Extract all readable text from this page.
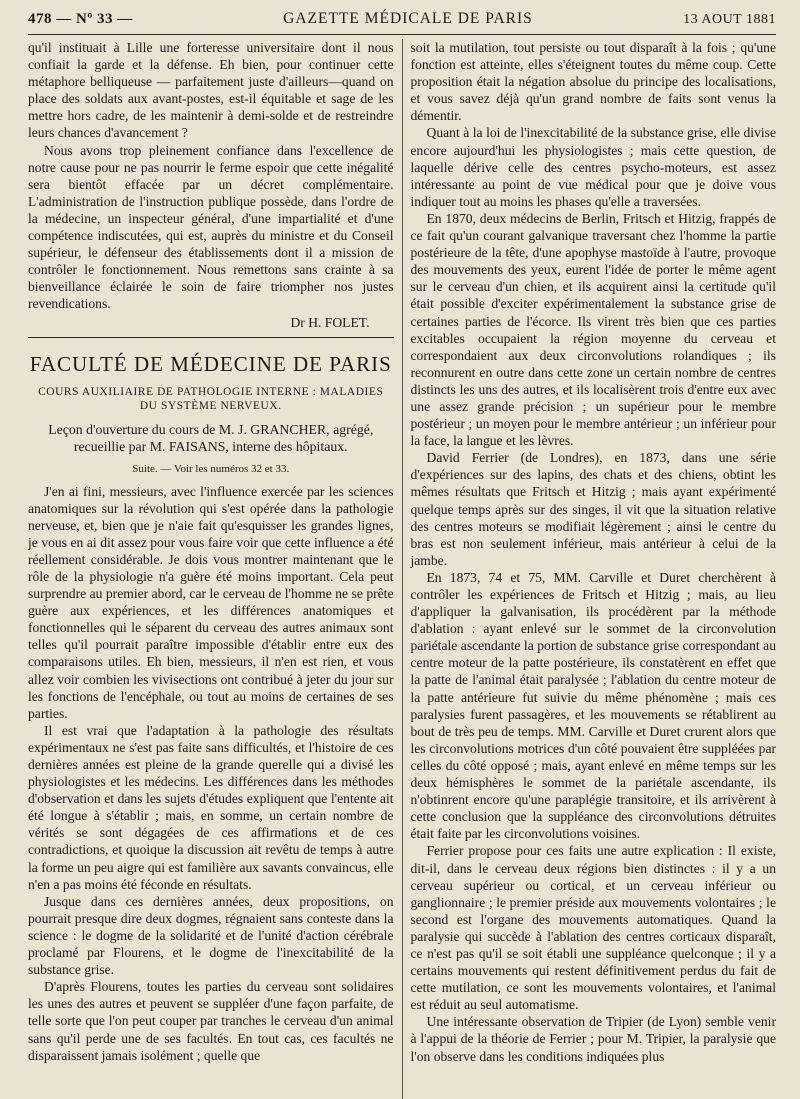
478 — Nº 33 —	GAZETTE MÉDICALE DE PARIS	13 AOUT 1881

qu'il instituait à Lille une forteresse universitaire dont il nous confiait la garde et la défense. Eh bien, pour continuer cette métaphore belliqueuse — parfaitement juste d'ailleurs—quand on place des soldats aux avant-postes, est-il équitable et sage de les mettre hors cadre, de les maintenir à demi-solde et de restreindre leurs chances d'avancement ?

Nous avons trop pleinement confiance dans l'excellence de notre cause pour ne pas nourrir le ferme espoir que cette inégalité sera bientôt effacée par un décret complémentaire. L'administration de l'instruction publique possède, dans l'ordre de la médecine, un inspecteur général, d'une impartialité et d'une compétence indiscutées, qui est, auprès du ministre et du Conseil supérieur, le défenseur des établissements dont il a mission de contrôler le fonctionnement. Nous remettons sans crainte à sa bienveillance éclairée le soin de faire triompher nos justes revendications.

Dr H. FOLET.
FACULTÉ DE MÉDECINE DE PARIS
COURS AUXILIAIRE DE PATHOLOGIE INTERNE : MALADIES DU SYSTÈME NERVEUX.
Leçon d'ouverture du cours de M. J. GRANCHER, agrégé, recueillie par M. FAISANS, interne des hôpitaux.
Suite. — Voir les numéros 32 et 33.

J'en ai fini, messieurs, avec l'influence exercée par les sciences anatomiques sur la révolution qui s'est opérée dans la pathologie nerveuse, et, bien que je n'aie fait qu'esquisser les grandes lignes, je vous en ai dit assez pour vous faire voir que cette influence a été réellement considérable. Je dois vous montrer maintenant que le rôle de la physiologie n'a guère été moins important. Cela peut surprendre au premier abord, car le cerveau de l'homme ne se prête guère aux expériences, et les différences anatomiques et fonctionnelles qui le séparent du cerveau des autres animaux sont telles qu'il pourrait paraître impossible d'établir entre eux des comparaisons utiles. Eh bien, messieurs, il n'en est rien, et vous allez voir combien les vivisections ont contribué à jeter du jour sur les fonctions de l'encéphale, ou tout au moins de certaines de ses parties.

Il est vrai que l'adaptation à la pathologie des résultats expérimentaux ne s'est pas faite sans difficultés, et l'histoire de ces dernières années est pleine de la grande querelle qui a divisé les physiologistes et les médecins. Les différences dans les méthodes d'observation et dans les sujets d'études expliquent que l'entente ait été longue à s'établir ; mais, en somme, un certain nombre de vérités se sont dégagées de ces affirmations et de ces contradictions, et quoique la discussion ait revêtu de temps à autre la forme un peu aigre qui est familière aux savants convaincus, elle n'en a pas moins été féconde en résultats.

Jusque dans ces dernières années, deux propositions, on pourrait presque dire deux dogmes, régnaient sans conteste dans la science : le dogme de la solidarité et de l'unité d'action cérébrale proclamé par Flourens, et le dogme de l'inexcitabilité de la substance grise.

D'après Flourens, toutes les parties du cerveau sont solidaires les unes des autres et peuvent se suppléer d'une façon parfaite, de telle sorte que l'on peut couper par tranches le cerveau d'un animal sans qu'il perde une de ses facultés. En tout cas, ces facultés ne disparaissent jamais isolément ; quelle que

soit la mutilation, tout persiste ou tout disparaît à la fois ; qu'une fonction est atteinte, elles s'éteignent toutes du même coup. Cette proposition était la négation absolue du principe des localisations, et vous savez déjà qu'un grand nombre de faits sont venus la démentir.

Quant à la loi de l'inexcitabilité de la substance grise, elle divise encore aujourd'hui les physiologistes ; mais cette question, de laquelle dérive celle des centres psycho-moteurs, est assez intéressante au point de vue médical pour que je doive vous indiquer tout au moins les phases qu'elle a traversées.

En 1870, deux médecins de Berlin, Fritsch et Hitzig, frappés de ce fait qu'un courant galvanique traversant chez l'homme la partie postérieure de la tête, d'une apophyse mastoïde à l'autre, provoque des mouvements des yeux, eurent l'idée de porter le même agent sur le cerveau d'un chien, et ils acquirent ainsi la certitude qu'il était possible d'exciter expérimentalement la substance grise de certaines parties de l'écorce. Ils virent très bien que ces parties excitables occupaient la région moyenne du cerveau et correspondaient aux deux circonvolutions rolandiques ; ils reconnurent en outre dans cette zone un certain nombre de centres distincts les uns des autres, et ils localisèrent trois d'entre eux avec une assez grande précision ; un supérieur pour le membre postérieur ; un moyen pour le membre antérieur ; un inférieur pour la face, la langue et les lèvres.

David Ferrier (de Londres), en 1873, dans une série d'expériences sur des lapins, des chats et des chiens, obtint les mêmes résultats que Fritsch et Hitzig ; mais ayant expérimenté quelque temps après sur des singes, il vit que la situation relative des centres moteurs se modifiait légèrement ; ainsi le centre du bras est non seulement inférieur, mais antérieur à celui de la jambe.

En 1873, 74 et 75, MM. Carville et Duret cherchèrent à contrôler les expériences de Fritsch et Hitzig ; mais, au lieu d'appliquer la galvanisation, ils procédèrent par la méthode d'ablation : ayant enlevé sur le sommet de la circonvolution pariétale ascendante la portion de substance grise correspondant au centre moteur de la patte postérieure, ils constatèrent en effet que la patte de l'animal était paralysée ; l'ablation du centre moteur de la patte antérieure fut suivie du même phénomène ; mais ces paralysies furent passagères, et les mouvements se rétablirent au bout de très peu de temps. MM. Carville et Duret crurent alors que les circonvolutions motrices d'un côté pouvaient être suppléées par celles du côté opposé ; mais, ayant enlevé en même temps sur les deux hémisphères le sommet de la pariétale ascendante, ils n'obtinrent encore qu'une paraplégie transitoire, et ils arrivèrent à cette conclusion que la suppléance des circonvolutions détruites était faite par les circonvolutions voisines.

Ferrier propose pour ces faits une autre explication : Il existe, dit-il, dans le cerveau deux régions bien distinctes : il y a un cerveau supérieur ou cortical, et un cerveau inférieur ou ganglionnaire ; le premier préside aux mouvements volontaires ; le second est l'organe des mouvements automatiques. Quand la paralysie qui succède à l'ablation des centres corticaux disparaît, ce n'est pas qu'il se soit établi une suppléance quelconque ; il y a certains mouvements qui restent définitivement perdus du fait de cette mutilation, ce sont les mouvements volontaires, et l'animal est réduit au seul automatisme.

Une intéressante observation de Tripier (de Lyon) semble venir à l'appui de la théorie de Ferrier ; pour M. Tripier, la paralysie que l'on observe dans les conditions indiquées plus
